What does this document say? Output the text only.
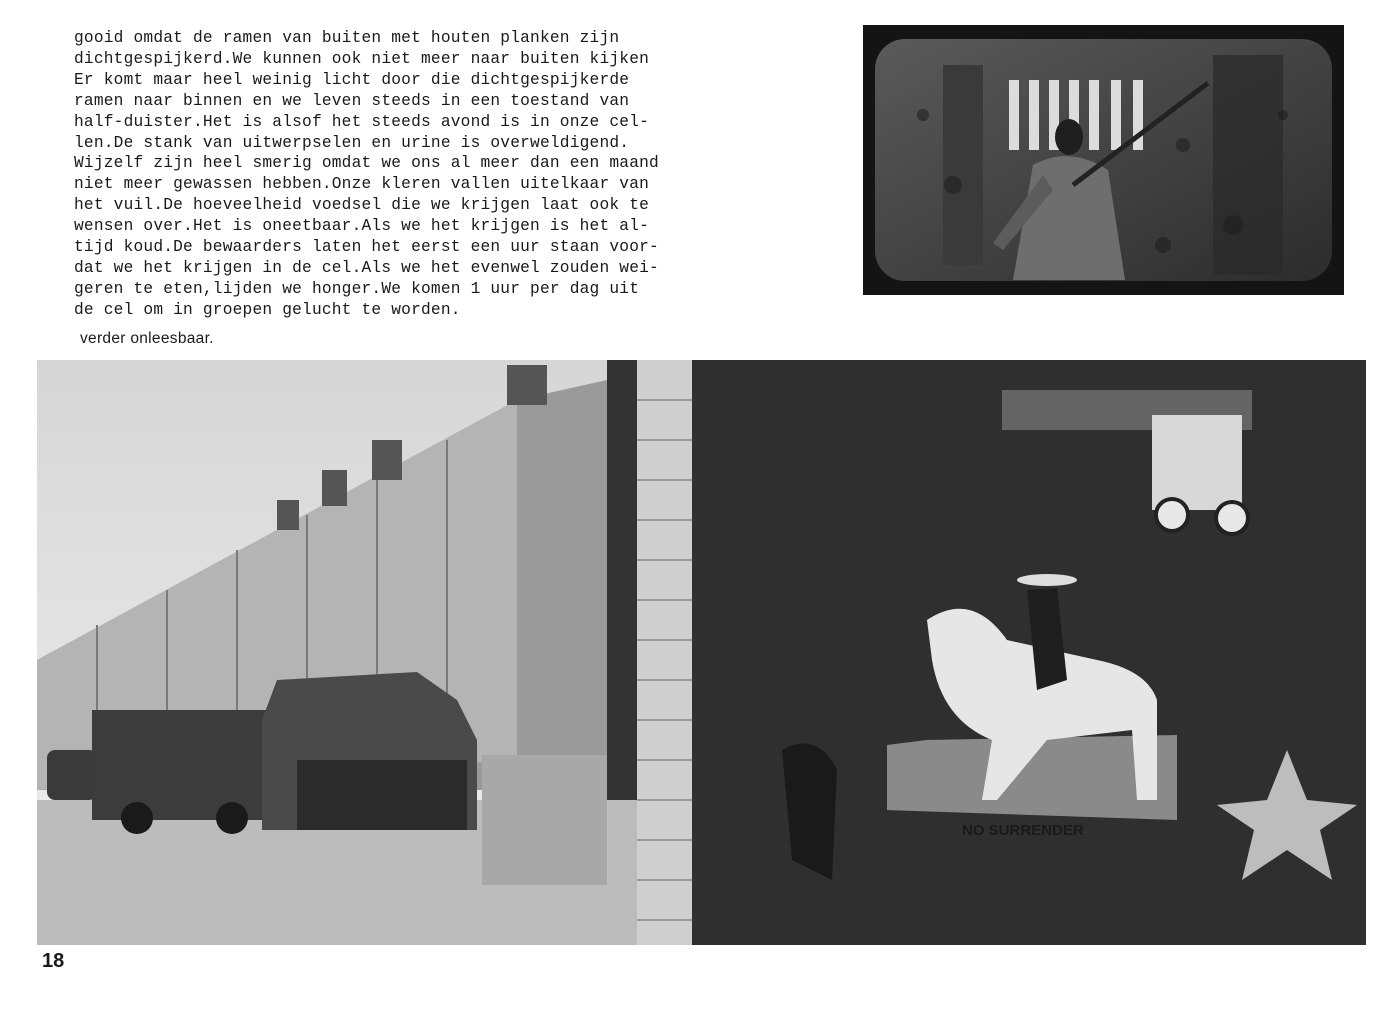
gooid omdat de ramen van buiten met houten planken zijn
dichtgespijkerd.We kunnen ook niet meer naar buiten kijken
Er komt maar heel weinig licht door die dichtgespijkerde
ramen naar binnen en we leven steeds in een toestand van
half-duister.Het is alsof het steeds avond is in onze cel-
len.De stank van uitwerpselen en urine is overweldigend.
Wijzelf zijn heel smerig omdat we ons al meer dan een maand
niet meer gewassen hebben.Onze kleren vallen uitelkaar van
het vuil.De hoeveelheid voedsel die we krijgen laat ook te
wensen over.Het is oneetbaar.Als we het krijgen is het al-
tijd koud.De bewaarders laten het eerst een uur staan voor-
dat we het krijgen in de cel.Als we het evenwel zouden wei-
geren te eten,lijden we honger.We komen 1 uur per dag uit
de cel om in groepen gelucht te worden.

verder onleesbaar.

NO SURRENDER

18
